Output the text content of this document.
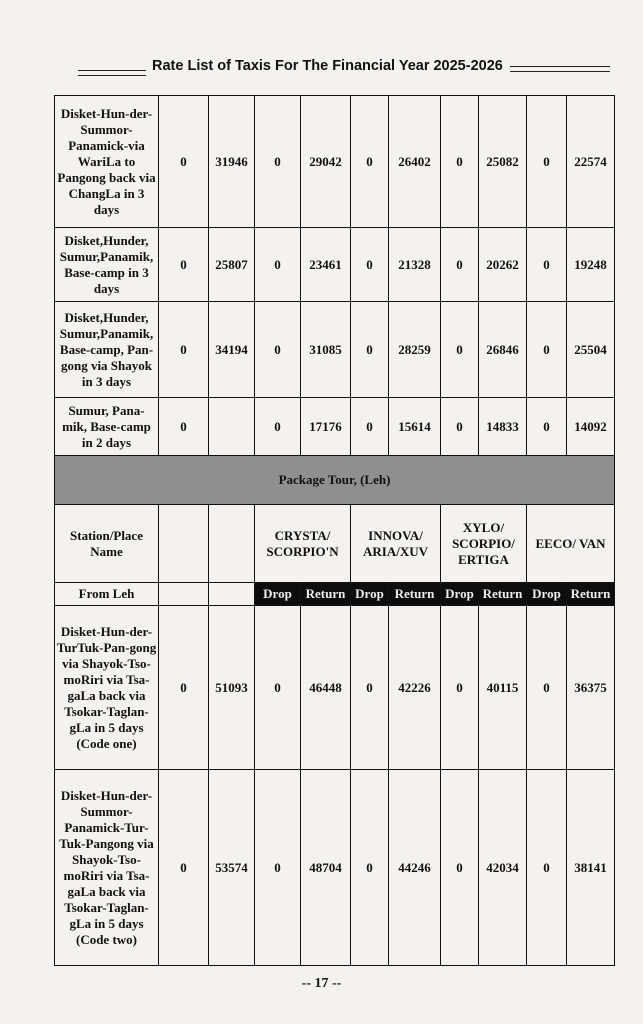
Rate List of Taxis For The Financial Year 2025-2026
Disket-Hun-der-Summor-Panamick-via WariLa to Pangong back via ChangLa in 3 days	0	31946	0	29042	0	26402	0	25082	0	22574
Disket,Hunder, Sumur,Panamik, Base-camp in 3 days	0	25807	0	23461	0	21328	0	20262	0	19248
Disket,Hunder, Sumur,Panamik, Base-camp, Pan-gong via Shayok in 3 days	0	34194	0	31085	0	28259	0	26846	0	25504
Sumur, Pana-mik, Base-camp in 2 days	0		0	17176	0	15614	0	14833	0	14092
Package Tour, (Leh)										
Station/Place Name			CRYSTA/ SCORPIO'N		INNOVA/ ARIA/XUV		XYLO/ SCORPIO/ ERTIGA		EECO/ VAN	
From Leh			Drop	Return	Drop	Return	Drop	Return	Drop	Return
Disket-Hun-der-TurTuk-Pan-gong via Shayok-Tso-moRiri via Tsa-gaLa back via Tsokar-Taglan-gLa in 5 days (Code one)	0	51093	0	46448	0	42226	0	40115	0	36375
Disket-Hun-der-Summor-Panamick-Tur-Tuk-Pangong via Shayok-Tso-moRiri via Tsa-gaLa back via Tsokar-Taglan-gLa in 5 days (Code two)	0	53574	0	48704	0	44246	0	42034	0	38141
-- 17 --
